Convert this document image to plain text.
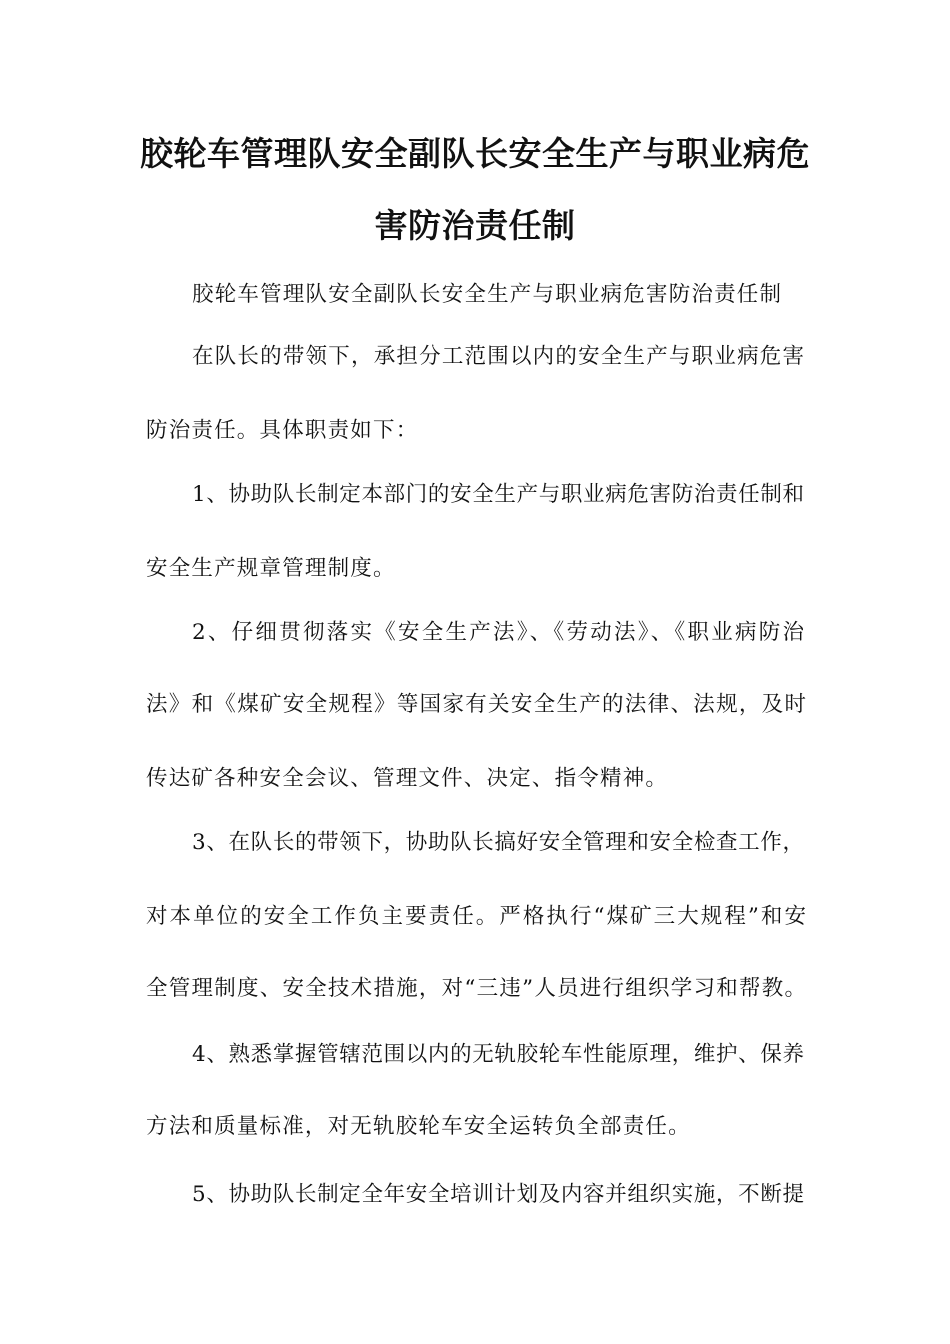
胶轮车管理队安全副队长安全生产与职业病危
害防治责任制
胶轮车管理队安全副队长安全生产与职业病危害防治责任制
在队长的带领下，承担分工范围以内的安全生产与职业病危害
防治责任。具体职责如下：
1、协助队长制定本部门的安全生产与职业病危害防治责任制和
安全生产规章管理制度。
2、仔细贯彻落实《安全生产法》、《劳动法》、《职业病防治
法》和《煤矿安全规程》等国家有关安全生产的法律、法规，及时
传达矿各种安全会议、管理文件、决定、指令精神。
3、在队长的带领下，协助队长搞好安全管理和安全检查工作，
对本单位的安全工作负主要责任。严格执行“煤矿三大规程”和安
全管理制度、安全技术措施，对“三违”人员进行组织学习和帮教。
4、熟悉掌握管辖范围以内的无轨胶轮车性能原理，维护、保养
方法和质量标准，对无轨胶轮车安全运转负全部责任。
5、协助队长制定全年安全培训计划及内容并组织实施，不断提
